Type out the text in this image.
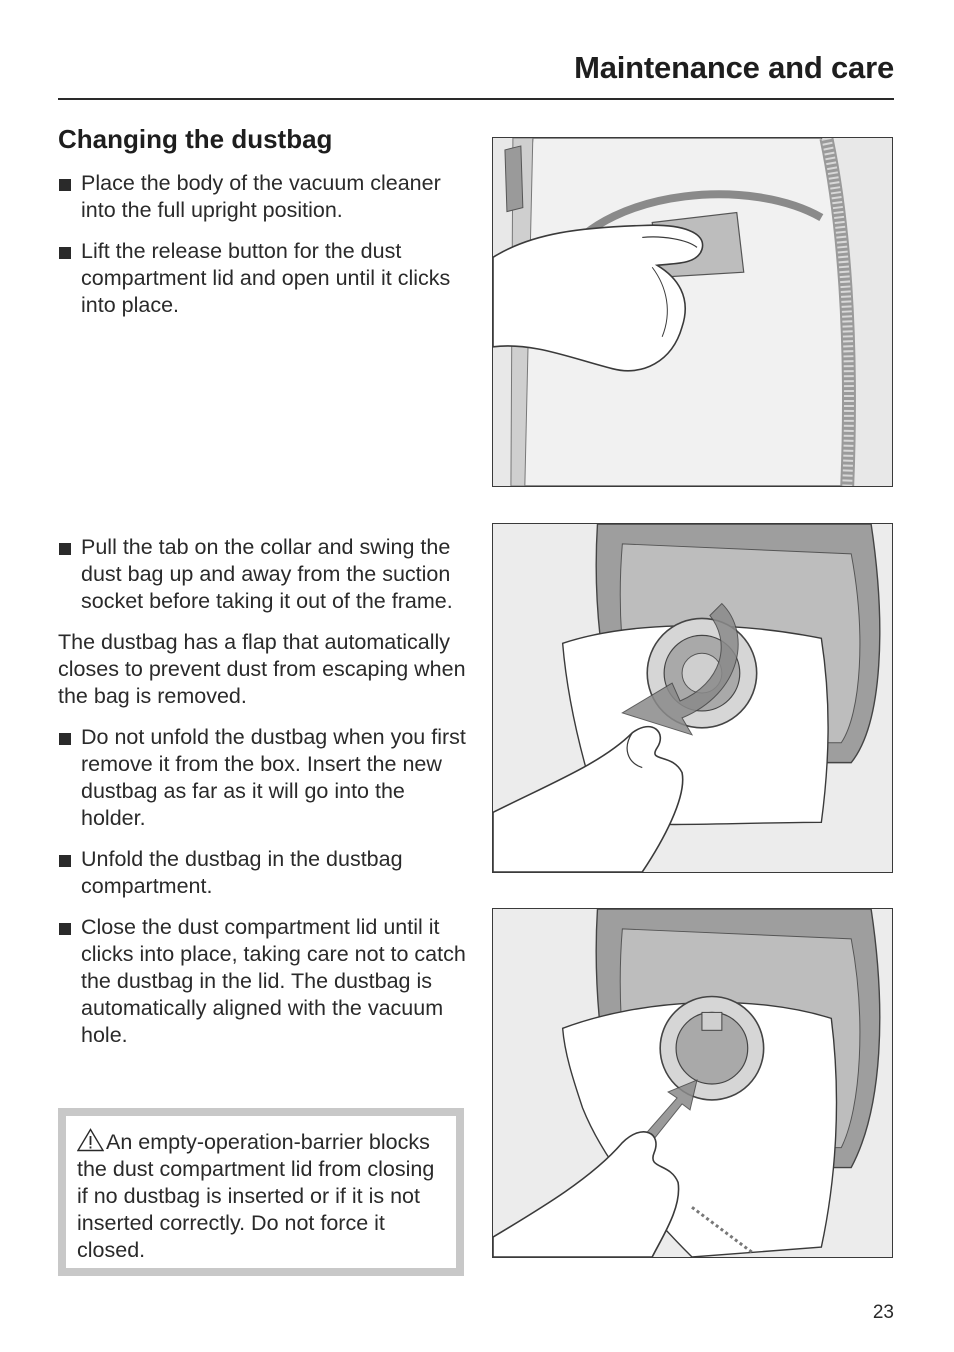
Maintenance and care
Changing the dustbag
Place the body of the vacuum cleaner into the full upright position.
Lift the release button for the dust compartment lid and open until it clicks into place.
Pull the tab on the collar and swing the dust bag up and away from the suction socket before taking it out of the frame.

The dustbag has a flap that automatically closes to prevent dust from escaping when the bag is removed.

Do not unfold the dustbag when you first remove it from the box. Insert the new dustbag as far as it will go into the holder.
Unfold the dustbag in the dustbag compartment.
Close the dust compartment lid until it clicks into place, taking care not to catch the dustbag in the lid. The dustbag is automatically aligned with the vacuum hole.
An empty-operation-barrier blocks the dust compartment lid from closing if no dustbag is inserted or if it is not inserted correctly. Do not force it closed.
23
